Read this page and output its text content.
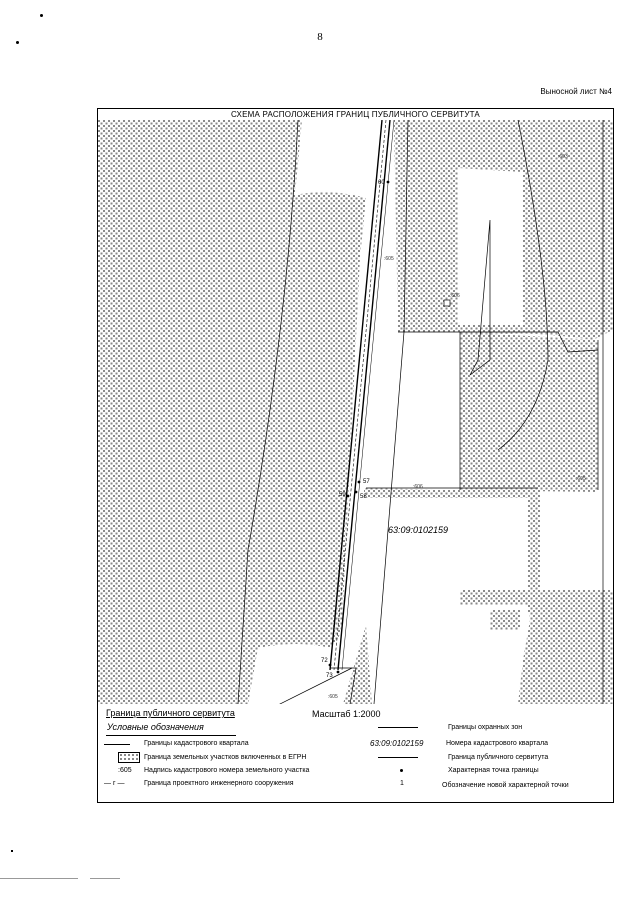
8
Выносной лист №4
СХЕМА РАСПОЛОЖЕНИЯ ГРАНИЦ ПУБЛИЧНОГО СЕРВИТУТА
60
57
58
59
72
73
:603
:605
:606
:606
:605
:605
63:09:0102159
Граница публичного сервитута	Масштаб 1:2000
Условные обозначения
Границы кадастрового квартала
Граница земельных участков включенных в ЕГРН
:605 Надпись кадастрового номера земельного участка
— г —	Граница проектного инженерного сооружения
Границы охранных зон
63:09:0102159	Номера кадастрового квартала
Граница публичного сервитута
Характерная точка границы
1	Обозначение новой характерной точки
